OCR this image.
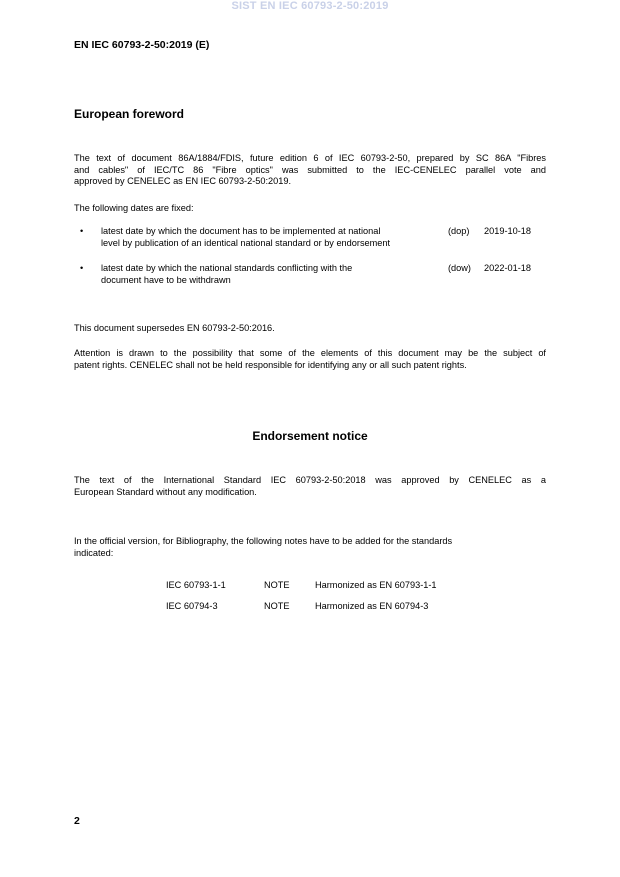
SIST EN IEC 60793-2-50:2019
EN IEC 60793-2-50:2019 (E)
European foreword
The text of document 86A/1884/FDIS, future edition 6 of IEC 60793-2-50, prepared by SC 86A "Fibres
and cables" of IEC/TC 86 "Fibre optics" was submitted to the IEC-CENELEC parallel vote and
approved by CENELEC as EN IEC 60793-2-50:2019.
The following dates are fixed:
• latest date by which the document has to be implemented at national
level by publication of an identical national standard or by endorsement
(dop) 2019-10-18
• latest date by which the national standards conflicting with the
document have to be withdrawn
(dow) 2022-01-18
This document supersedes EN 60793-2-50:2016.
Attention is drawn to the possibility that some of the elements of this document may be the subject of
patent rights. CENELEC shall not be held responsible for identifying any or all such patent rights.
Endorsement notice
The text of the International Standard IEC 60793-2-50:2018 was approved by CENELEC as a
European Standard without any modification.
In the official version, for Bibliography, the following notes have to be added for the standards
indicated:
IEC 60793-1-1	NOTE	Harmonized as EN 60793-1-1
IEC 60794-3	NOTE	Harmonized as EN 60794-3
2
